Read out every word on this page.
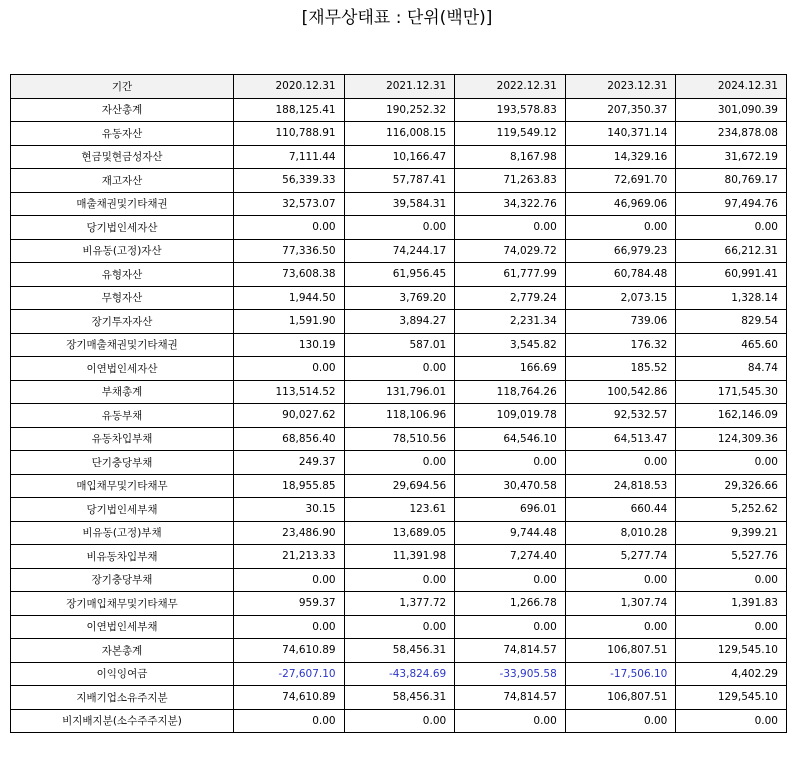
[재무상태표 : 단위(백만)]
기간	2020.12.31	2021.12.31	2022.12.31	2023.12.31	2024.12.31
자산총계	188,125.41	190,252.32	193,578.83	207,350.37	301,090.39
유동자산	110,788.91	116,008.15	119,549.12	140,371.14	234,878.08
현금및현금성자산	7,111.44	10,166.47	8,167.98	14,329.16	31,672.19
재고자산	56,339.33	57,787.41	71,263.83	72,691.70	80,769.17
매출채권및기타채권	32,573.07	39,584.31	34,322.76	46,969.06	97,494.76
당기법인세자산	0.00	0.00	0.00	0.00	0.00
비유동(고정)자산	77,336.50	74,244.17	74,029.72	66,979.23	66,212.31
유형자산	73,608.38	61,956.45	61,777.99	60,784.48	60,991.41
무형자산	1,944.50	3,769.20	2,779.24	2,073.15	1,328.14
장기투자자산	1,591.90	3,894.27	2,231.34	739.06	829.54
장기매출채권및기타채권	130.19	587.01	3,545.82	176.32	465.60
이연법인세자산	0.00	0.00	166.69	185.52	84.74
부채총계	113,514.52	131,796.01	118,764.26	100,542.86	171,545.30
유동부채	90,027.62	118,106.96	109,019.78	92,532.57	162,146.09
유동차입부채	68,856.40	78,510.56	64,546.10	64,513.47	124,309.36
단기충당부채	249.37	0.00	0.00	0.00	0.00
매입채무및기타채무	18,955.85	29,694.56	30,470.58	24,818.53	29,326.66
당기법인세부채	30.15	123.61	696.01	660.44	5,252.62
비유동(고정)부채	23,486.90	13,689.05	9,744.48	8,010.28	9,399.21
비유동차입부채	21,213.33	11,391.98	7,274.40	5,277.74	5,527.76
장기충당부채	0.00	0.00	0.00	0.00	0.00
장기매입채무및기타채무	959.37	1,377.72	1,266.78	1,307.74	1,391.83
이연법인세부채	0.00	0.00	0.00	0.00	0.00
자본총계	74,610.89	58,456.31	74,814.57	106,807.51	129,545.10
이익잉여금	-27,607.10	-43,824.69	-33,905.58	-17,506.10	4,402.29
지배기업소유주지분	74,610.89	58,456.31	74,814.57	106,807.51	129,545.10
비지배지분(소수주주지분)	0.00	0.00	0.00	0.00	0.00
